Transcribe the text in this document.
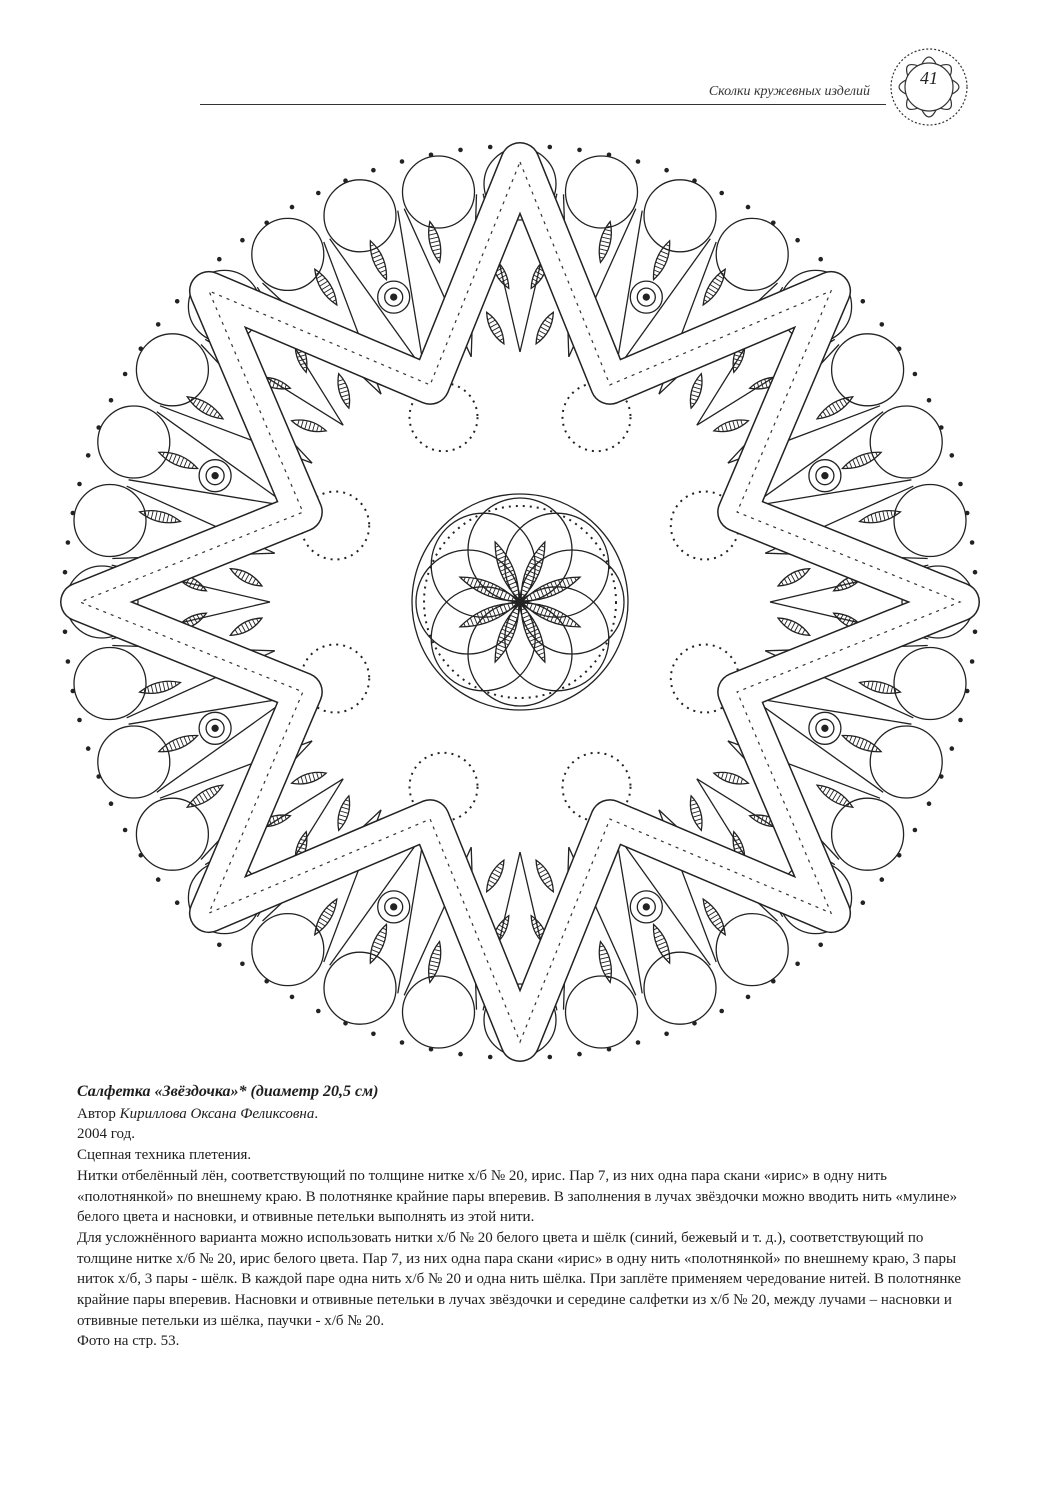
Сколки кружевных изделий
41

Салфетка «Звёздочка»* (диаметр 20,5 см)

Автор Кириллова Оксана Феликсовна.

2004 год.

Сцепная техника плетения.

Нитки отбелённый лён, соответствующий по толщине нитке х/б № 20, ирис. Пар 7, из них одна пара скани «ирис» в одну нить «полотнянкой» по внешнему краю. В полотнянке крайние пары вперевив. В заполнения в лучах звёздочки можно вводить нить «мулине» белого цвета и насновки, и отвивные петельки выполнять из этой нити.

Для усложнённого варианта можно использовать нитки х/б № 20 белого цвета и шёлк (синий, бежевый и т. д.), соответствующий по толщине нитке х/б № 20, ирис белого цвета. Пар 7, из них одна пара скани «ирис» в одну нить «полотнянкой» по внешнему краю, 3 пары ниток х/б, 3 пары - шёлк. В каждой паре одна нить х/б № 20 и одна нить шёлка. При заплёте применяем чередование нитей. В полотнянке крайние пары вперевив. Насновки и отвивные петельки в лучах звёздочки и середине салфетки из х/б № 20, между лучами – насновки и отвивные петельки из шёлка, паучки - х/б № 20.

Фото на стр. 53.
